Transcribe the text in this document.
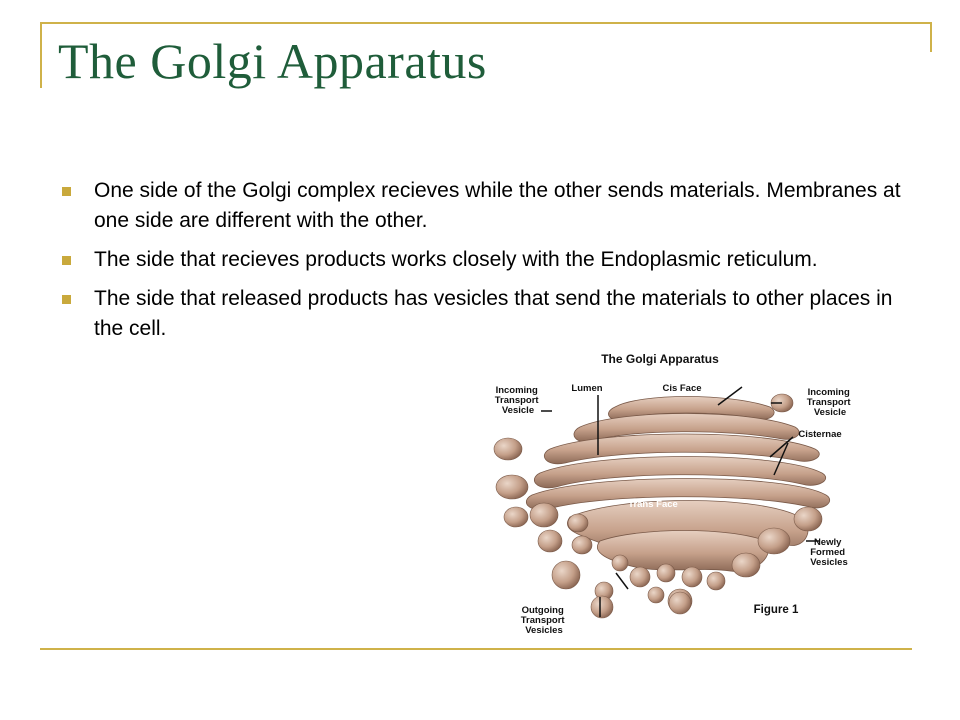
The Golgi Apparatus
One side of the Golgi complex recieves while the other sends materials. Membranes at one side are different with the other.
The side that recieves products works closely with the Endoplasmic reticulum.
The side that released products has vesicles that send the materials to other places in the cell.
The Golgi Apparatus
Trans Face
Incoming Transport Vesicle
Lumen	Cis Face	Incoming Transport Vesicle
Cisternae
Newly Formed Vesicles
Outgoing Transport Vesicles
Figure 1
